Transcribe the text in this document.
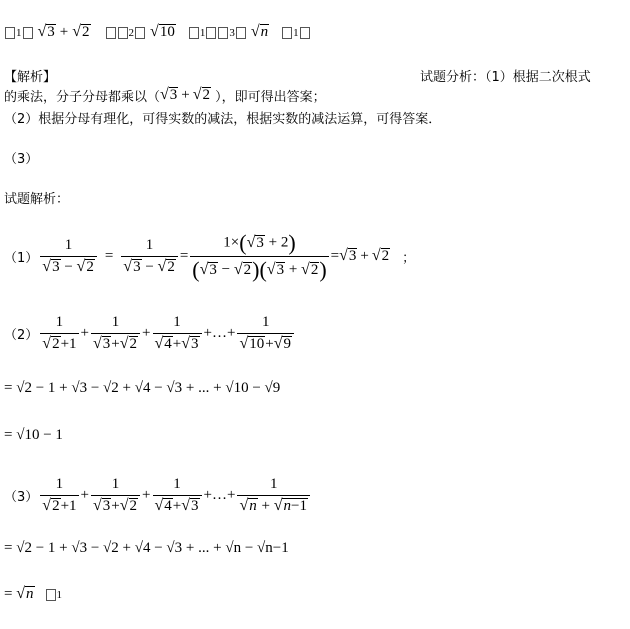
1 √ 3 + √ 2	2	√ 10	1 3	√ n	1
【解析】	试题分析：（1）根据二次根式
的乘法，分子分母都乘以（ √ 3 + √ 2 ），即可得出答案；
（2）根据分母有理化，可得实数的减法，根据实数的减法运算，可得答案．
（3）
试题解析：
$(1) \frac{1}{√ 3 - √ 2} = \frac{1}{√ 3 - √ 2} = \frac{1\times( √ 3 + 2)}{( √ 3 - √ 2 )( √ 3 + √ 2 )}$ = √ 3 + √ 2 ；
$(2) \frac{1}{√ 2 +1} + \frac{1}{√ 3 + √ 2} + \frac{1}{√ 4 + √ 3}$ +…+ $\frac{1}{√ 10 + √ 9}$
= √2 − 1 + √3 − √2 + √4 − √3 + ... + √10 − √9
= √10 − 1
$(3) \frac{1}{√ 2 +1} + \frac{1}{√ 3 + √ 2} + \frac{1}{√ 4 + √ 3}$ +…+ $\frac{1}{√ n + √ n-1}$
= √2 − 1 + √3 − √2 + √4 − √3 + ... + √n − √n−1
= √ n	1
